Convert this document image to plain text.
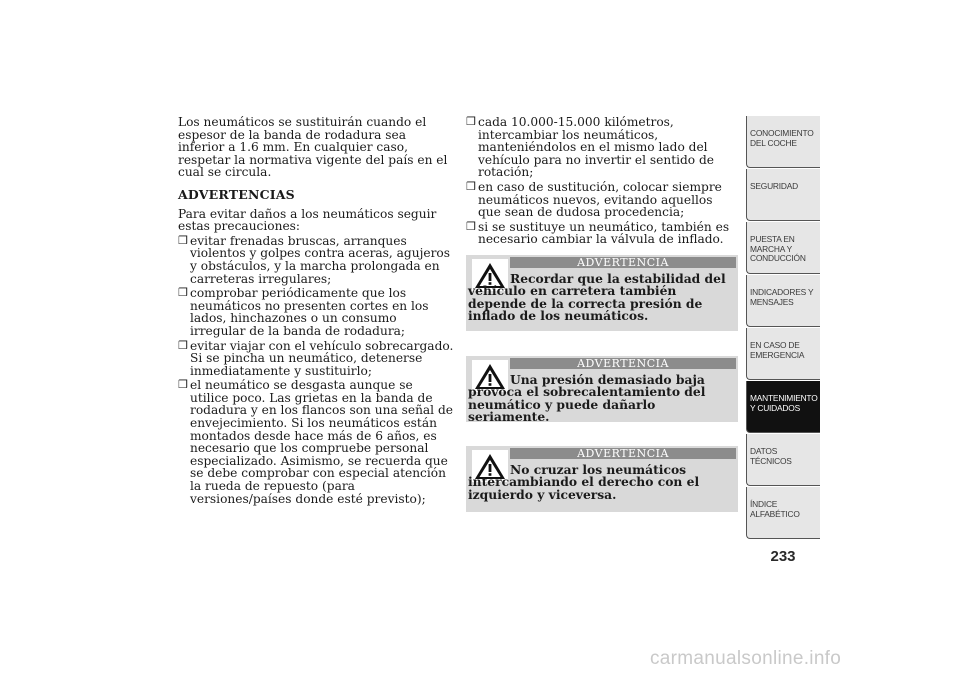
Los neumáticos se sustituirán cuando el espesor de la banda de rodadura sea inferior a 1.6 mm. En cualquier caso, respetar la normativa vigente del país en el cual se circula.

ADVERTENCIAS

Para evitar daños a los neumáticos seguir estas precauciones:

❒ evitar frenadas bruscas, arranques violentos y golpes contra aceras, agujeros y obstáculos, y la marcha prolongada en carreteras irregulares;
❒ comprobar periódicamente que los neumáticos no presenten cortes en los lados, hinchazones o un consumo irregular de la banda de rodadura;
❒ evitar viajar con el vehículo sobrecargado. Si se pincha un neumático, detenerse inmediatamente y sustituirlo;
❒ el neumático se desgasta aunque se utilice poco. Las grietas en la banda de rodadura y en los flancos son una señal de envejecimiento. Si los neumáticos están montados desde hace más de 6 años, es necesario que los compruebe personal especializado. Asimismo, se recuerda que se debe comprobar con especial atención la rueda de repuesto (para versiones/países donde esté previsto);
❒ cada 10.000-15.000 kilómetros, intercambiar los neumáticos, manteniéndolos en el mismo lado del vehículo para no invertir el sentido de rotación;
❒ en caso de sustitución, colocar siempre neumáticos nuevos, evitando aquellos que sean de dudosa procedencia;
❒ si se sustituye un neumático, también es necesario cambiar la válvula de inflado.
ADVERTENCIA
Recordar que la estabilidad del vehículo en carretera también depende de la correcta presión de inflado de los neumáticos.
ADVERTENCIA
Una presión demasiado baja provoca el sobrecalentamiento del neumático y puede dañarlo seriamente.
ADVERTENCIA
No cruzar los neumáticos intercambiando el derecho con el izquierdo y viceversa.
CONOCIMIENTO
DEL COCHE
SEGURIDAD
PUESTA EN
MARCHA Y
CONDUCCIÓN
INDICADORES Y
MENSAJES
EN CASO DE
EMERGENCIA
MANTENIMIENTO
Y CUIDADOS
DATOS TÉCNICOS
ÍNDICE
ALFABÉTICO
233
carmanualsonline.info
